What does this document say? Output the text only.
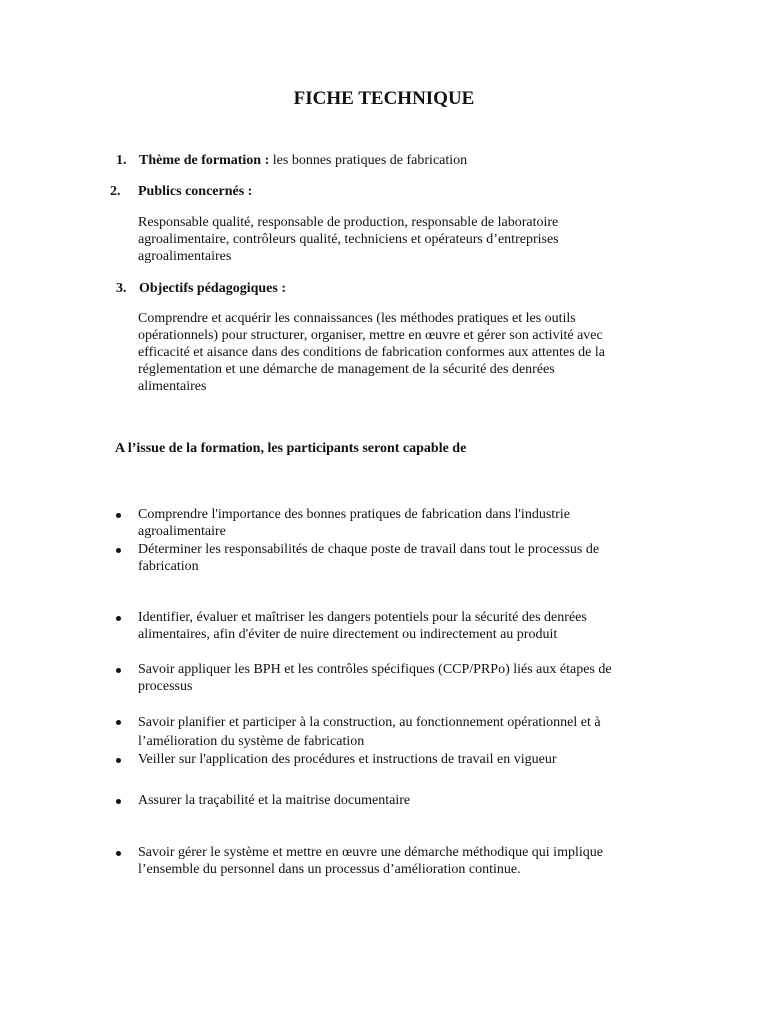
FICHE TECHNIQUE
1. Thème de formation : les bonnes pratiques de fabrication
2. Publics concernés :
Responsable qualité, responsable de production, responsable de laboratoire
agroalimentaire, contrôleurs qualité, techniciens et opérateurs d’entreprises
agroalimentaires
3. Objectifs pédagogiques :
Comprendre et acquérir les connaissances (les méthodes pratiques et les outils
opérationnels) pour structurer, organiser, mettre en œuvre et gérer son activité avec
efficacité et aisance dans des conditions de fabrication conformes aux attentes de la
réglementation et une démarche de management de la sécurité des denrées
alimentaires
A l’issue de la formation, les participants seront capable de
Comprendre l'importance des bonnes pratiques de fabrication dans l'industrie
agroalimentaire
Déterminer les responsabilités de chaque poste de travail dans tout le processus de
fabrication
Identifier, évaluer et maîtriser les dangers potentiels pour la sécurité des denrées
alimentaires, afin d'éviter de nuire directement ou indirectement au produit
Savoir appliquer les BPH et les contrôles spécifiques (CCP/PRPo) liés aux étapes de
processus
Savoir planifier et participer à la construction, au fonctionnement opérationnel et à
l’amélioration du système de fabrication
Veiller sur l'application des procédures et instructions de travail en vigueur
Assurer la traçabilité et la maitrise documentaire
Savoir gérer le système et mettre en œuvre une démarche méthodique qui implique
l’ensemble du personnel dans un processus d’amélioration continue.
